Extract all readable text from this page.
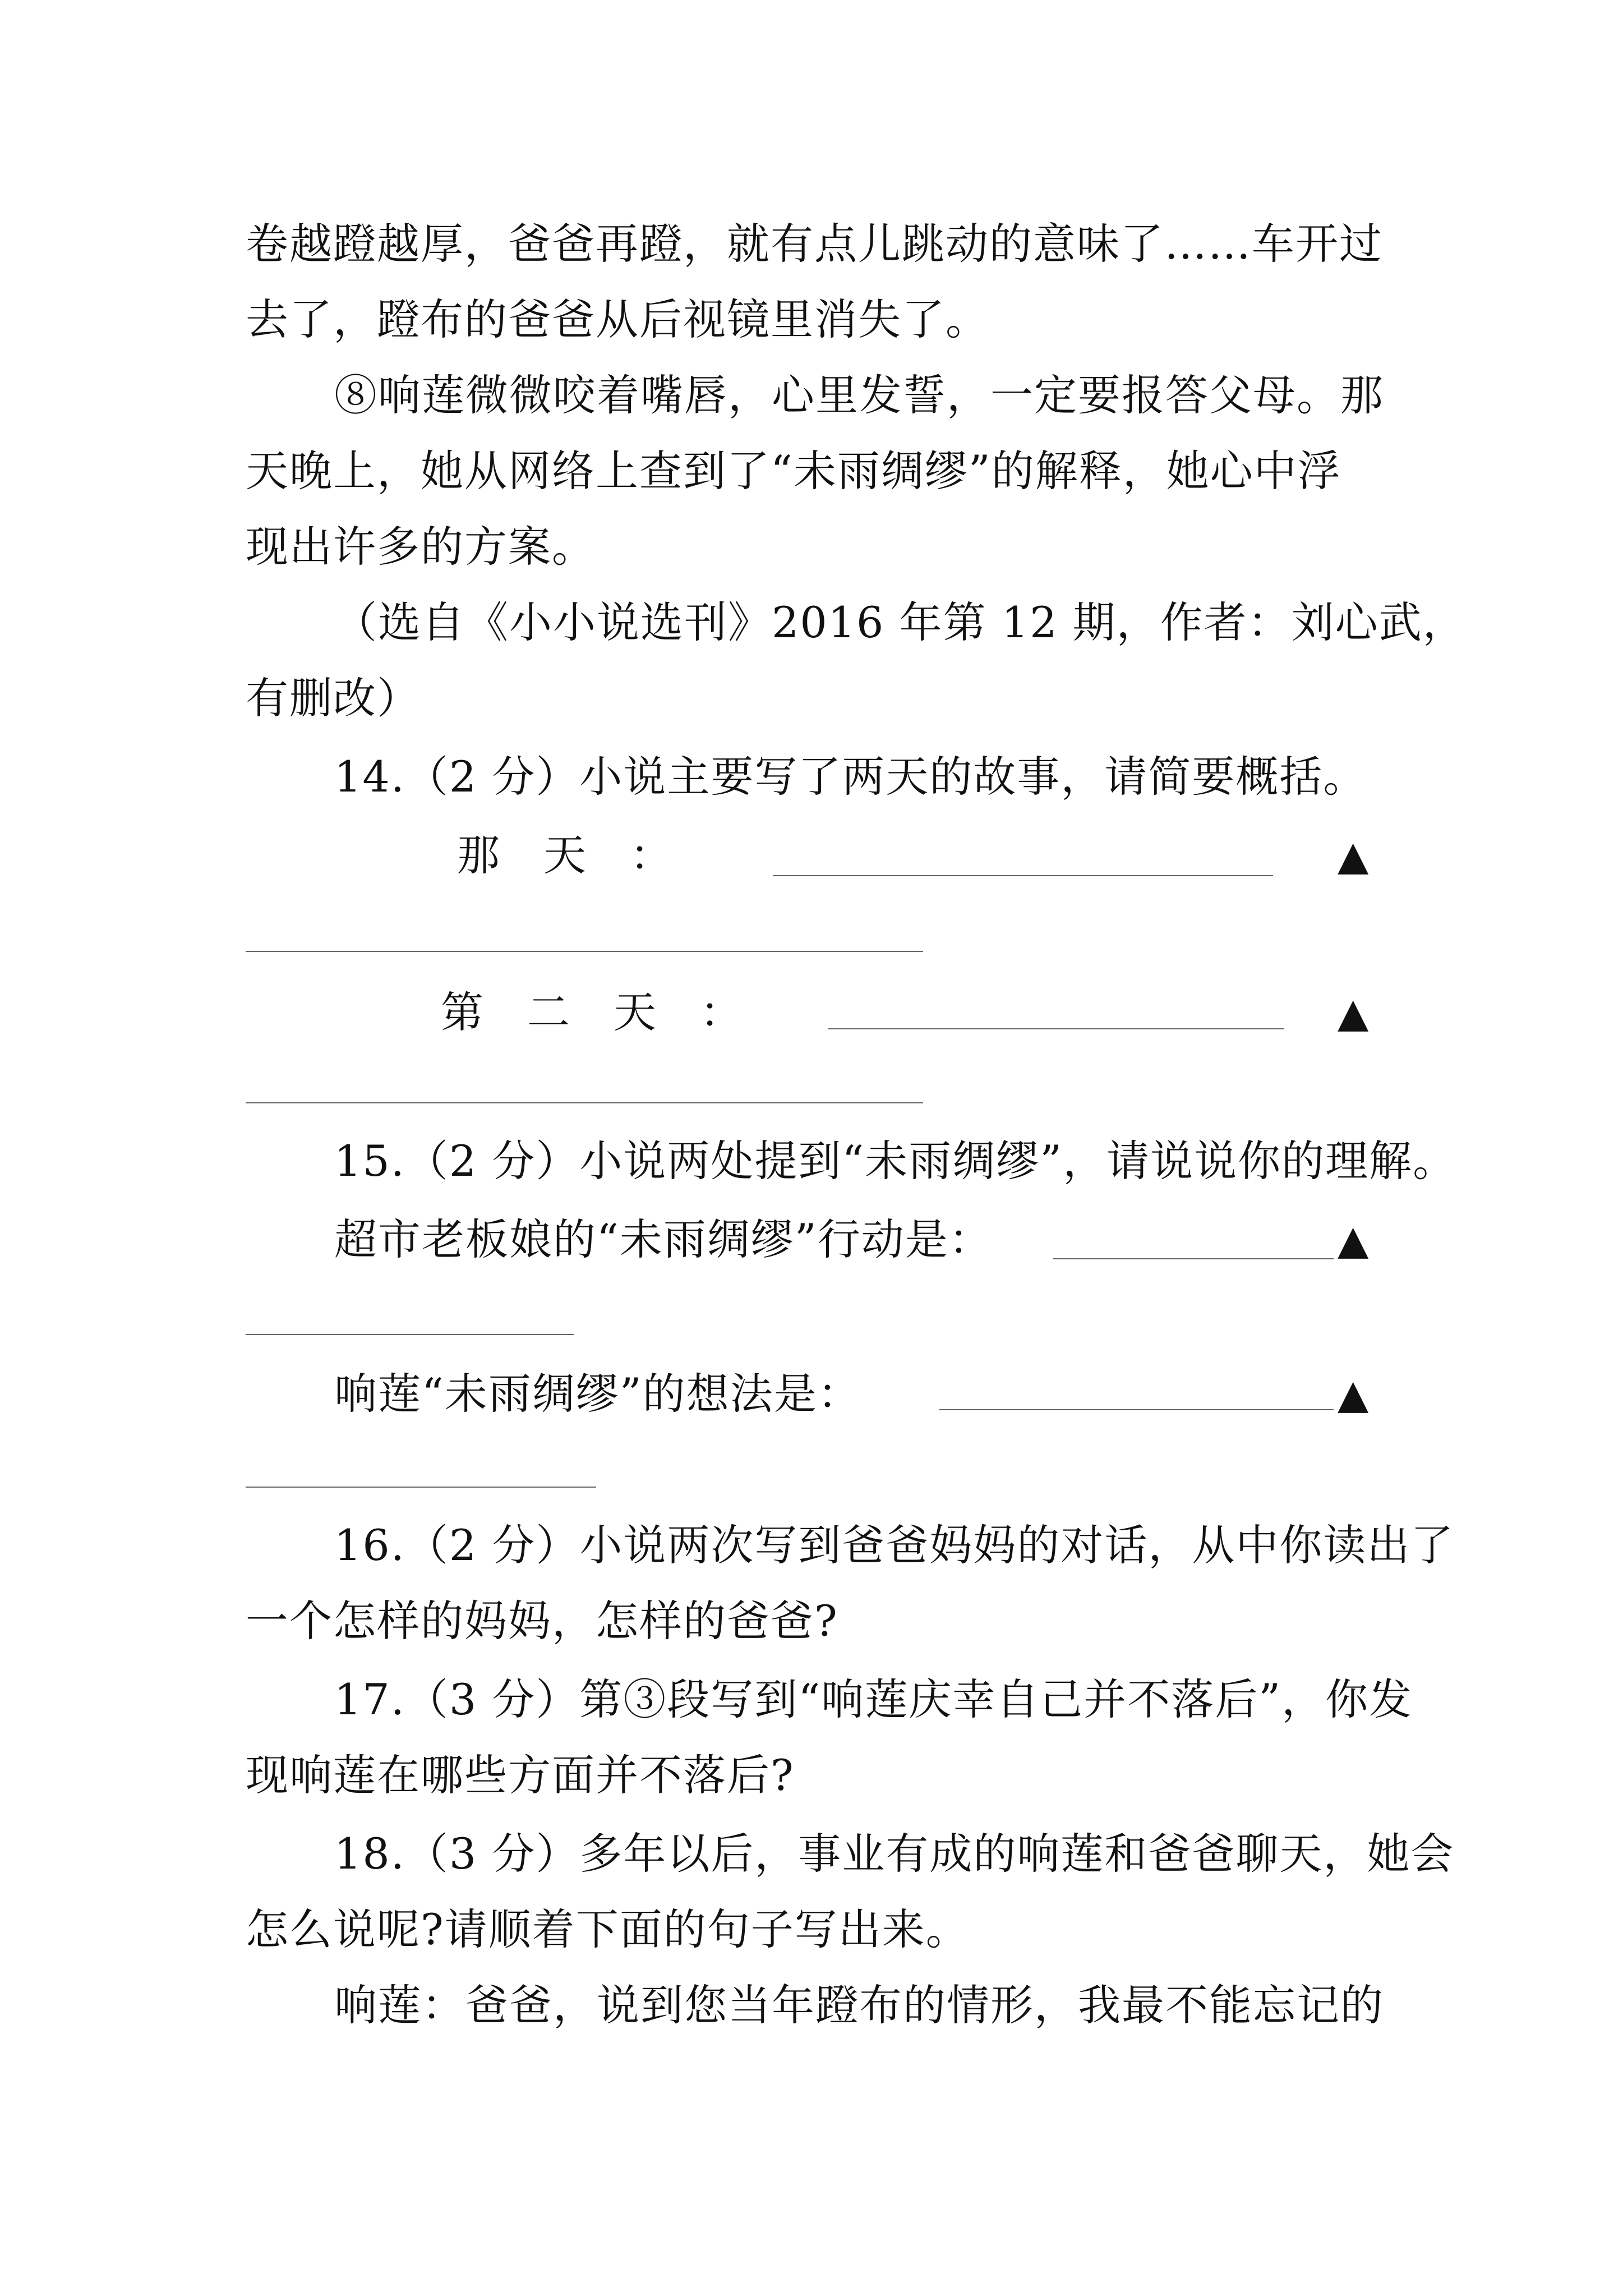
卷越蹬越厚，爸爸再蹬，就有点儿跳动的意味了……车开过
去了，蹬布的爸爸从后视镜里消失了。
⑧响莲微微咬着嘴唇，心里发誓，一定要报答父母。那
天晚上，她从网络上查到了“未雨绸缪”的解释，她心中浮
现出许多的方案。
（选自《小小说选刊》2016 年第 12 期，作者：刘心武，
有删改）
14.（2 分）小说主要写了两天的故事，请简要概括。
那天：	▲
第二天：	▲
15.（2 分）小说两处提到“未雨绸缪”，请说说你的理解。
超市老板娘的“未雨绸缪”行动是：	▲
响莲“未雨绸缪”的想法是：	▲
16.（2 分）小说两次写到爸爸妈妈的对话，从中你读出了
一个怎样的妈妈，怎样的爸爸?
17.（3 分）第③段写到“响莲庆幸自己并不落后”，你发
现响莲在哪些方面并不落后?
18.（3 分）多年以后，事业有成的响莲和爸爸聊天，她会
怎么说呢?请顺着下面的句子写出来。
响莲：爸爸，说到您当年蹬布的情形，我最不能忘记的
